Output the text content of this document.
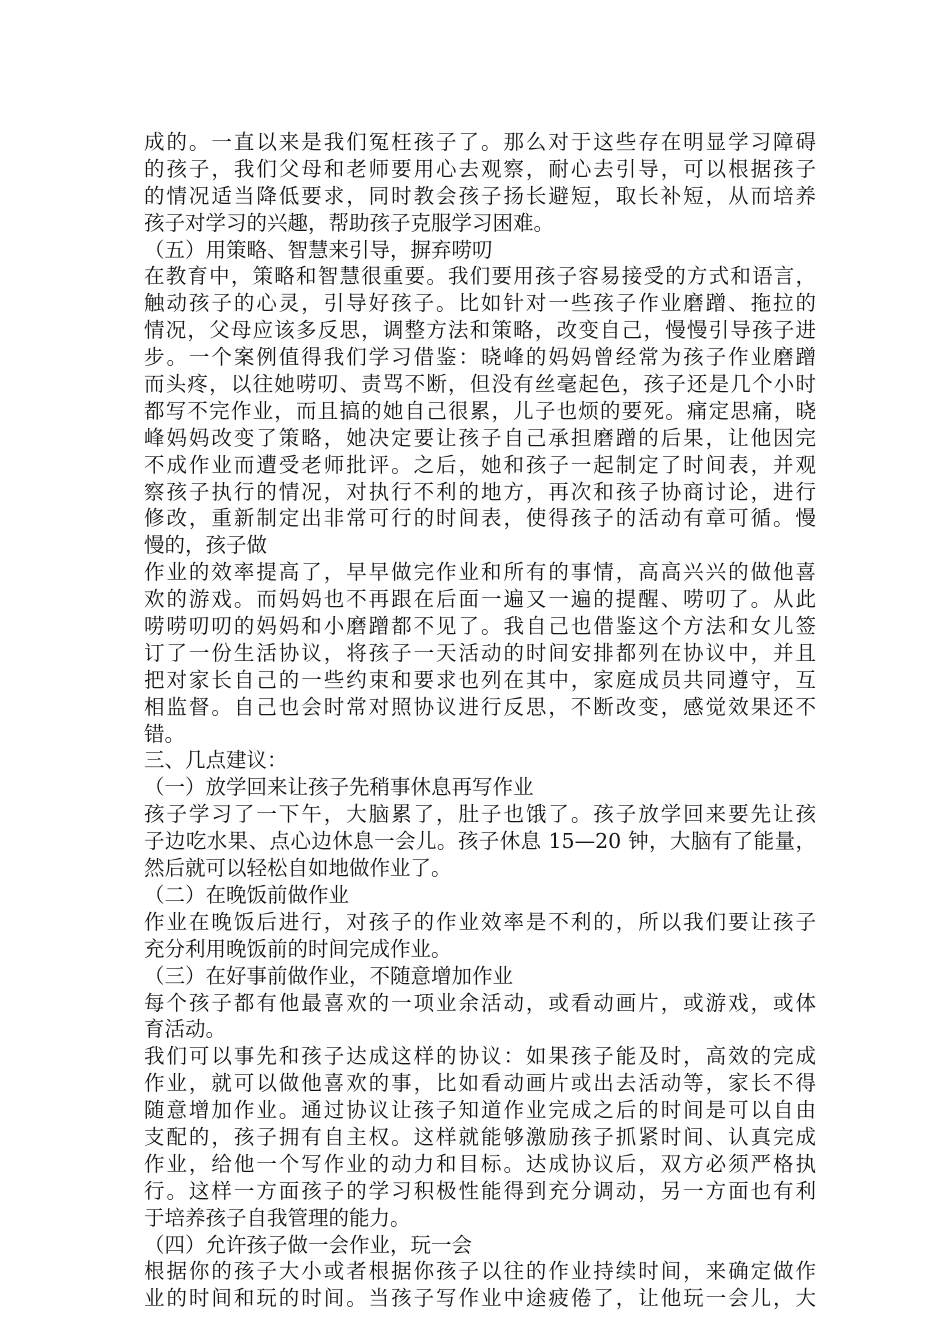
成的。一直以来是我们冤枉孩子了。那么对于这些存在明显学习障碍
的孩子，我们父母和老师要用心去观察，耐心去引导，可以根据孩子
的情况适当降低要求，同时教会孩子扬长避短，取长补短，从而培养
孩子对学习的兴趣，帮助孩子克服学习困难。
（五）用策略、智慧来引导，摒弃唠叨
在教育中，策略和智慧很重要。我们要用孩子容易接受的方式和语言，
触动孩子的心灵，引导好孩子。比如针对一些孩子作业磨蹭、拖拉的
情况，父母应该多反思，调整方法和策略，改变自己，慢慢引导孩子进
步。一个案例值得我们学习借鉴：晓峰的妈妈曾经常为孩子作业磨蹭
而头疼，以往她唠叨、责骂不断，但没有丝毫起色，孩子还是几个小时
都写不完作业，而且搞的她自己很累，儿子也烦的要死。痛定思痛，晓
峰妈妈改变了策略，她决定要让孩子自己承担磨蹭的后果，让他因完
不成作业而遭受老师批评。之后，她和孩子一起制定了时间表，并观
察孩子执行的情况，对执行不利的地方，再次和孩子协商讨论，进行
修改，重新制定出非常可行的时间表，使得孩子的活动有章可循。慢
慢的，孩子做
作业的效率提高了，早早做完作业和所有的事情，高高兴兴的做他喜
欢的游戏。而妈妈也不再跟在后面一遍又一遍的提醒、唠叨了。从此
唠唠叨叨的妈妈和小磨蹭都不见了。我自己也借鉴这个方法和女儿签
订了一份生活协议，将孩子一天活动的时间安排都列在协议中，并且
把对家长自己的一些约束和要求也列在其中，家庭成员共同遵守，互
相监督。自己也会时常对照协议进行反思，不断改变，感觉效果还不
错。
三、几点建议：
（一）放学回来让孩子先稍事休息再写作业
孩子学习了一下午，大脑累了，肚子也饿了。孩子放学回来要先让孩
子边吃水果、点心边休息一会儿。孩子休息 15—20 钟，大脑有了能量，
然后就可以轻松自如地做作业了。
（二）在晚饭前做作业
作业在晚饭后进行，对孩子的作业效率是不利的，所以我们要让孩子
充分利用晚饭前的时间完成作业。
（三）在好事前做作业，不随意增加作业
每个孩子都有他最喜欢的一项业余活动，或看动画片，或游戏，或体
育活动。
我们可以事先和孩子达成这样的协议：如果孩子能及时，高效的完成
作业，就可以做他喜欢的事，比如看动画片或出去活动等，家长不得
随意增加作业。通过协议让孩子知道作业完成之后的时间是可以自由
支配的，孩子拥有自主权。这样就能够激励孩子抓紧时间、认真完成
作业，给他一个写作业的动力和目标。达成协议后，双方必须严格执
行。这样一方面孩子的学习积极性能得到充分调动，另一方面也有利
于培养孩子自我管理的能力。
（四）允许孩子做一会作业，玩一会
根据你的孩子大小或者根据你孩子以往的作业持续时间，来确定做作
业的时间和玩的时间。当孩子写作业中途疲倦了，让他玩一会儿，大
